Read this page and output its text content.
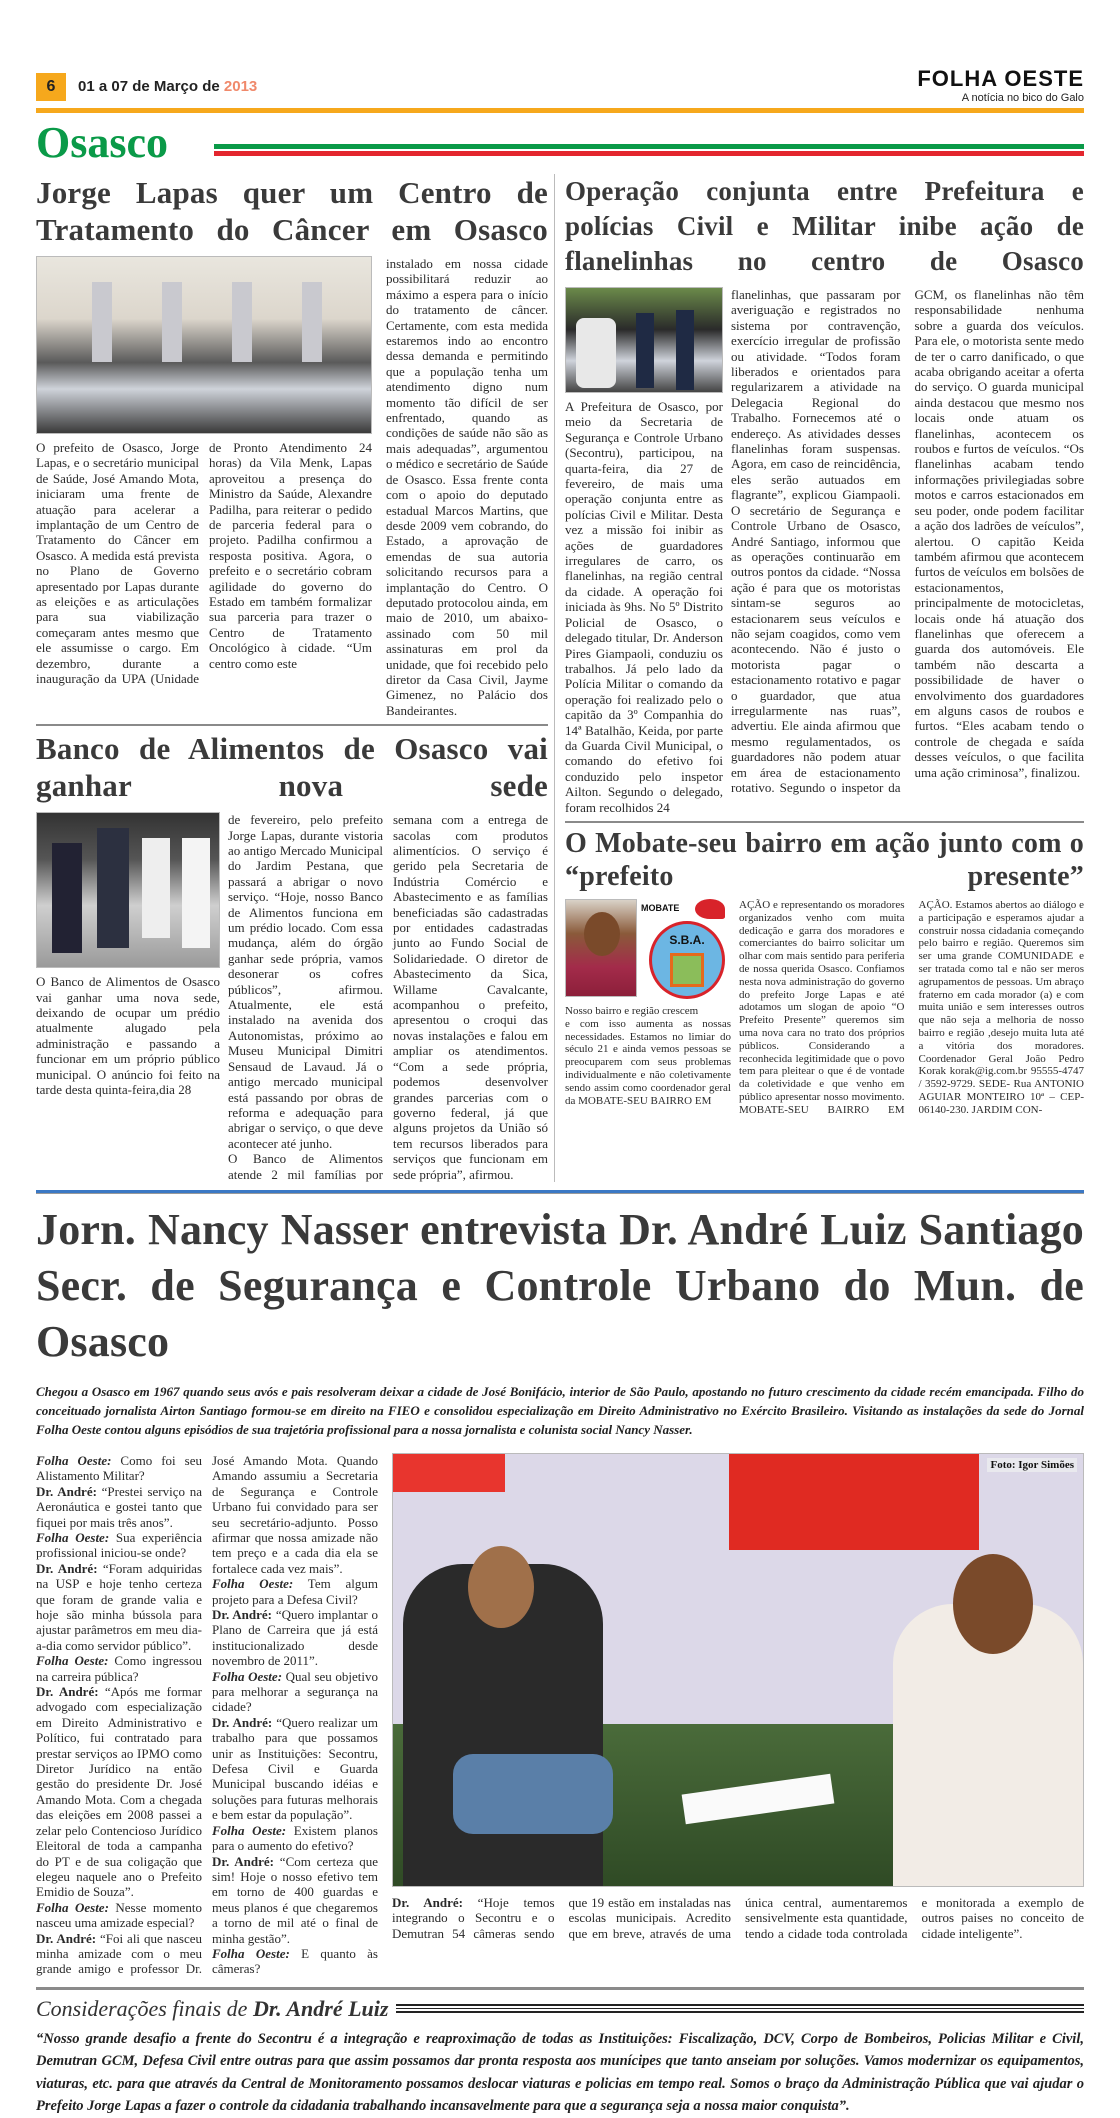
6	01 a 07 de Março de 2013	FOLHA OESTE
A notícia no bico do Galo
Osasco
Jorge Lapas quer um Centro de Tratamento do Câncer em Osasco
O prefeito de Osasco, Jorge Lapas, e o secretário municipal de Saúde, José Amando Mota, iniciaram uma frente de atuação para acelerar a implantação de um Centro de Tratamento do Câncer em Osasco. A medida está prevista no Plano de Governo apresentado por Lapas durante as eleições e as articulações para sua viabilização começaram antes mesmo que ele assumisse o cargo. Em dezembro, durante a inauguração da UPA (Unidade de Pronto Atendimento 24 horas) da Vila Menk, Lapas aproveitou a presença do Ministro da Saúde, Alexandre Padilha, para reiterar o pedido de parceria federal para o projeto. Padilha confirmou a resposta positiva. Agora, o prefeito e o secretário cobram agilidade do governo do Estado em também formalizar sua parceria para trazer o Centro de Tratamento Oncológico à cidade. “Um centro como este
instalado em nossa cidade possibilitará reduzir ao máximo a espera para o início do tratamento de câncer. Certamente, com esta medida estaremos indo ao encontro dessa demanda e permitindo que a população tenha um atendimento digno num momento tão difícil de ser enfrentado, quando as condições de saúde não são as mais adequadas”, argumentou o médico e secretário de Saúde de Osasco. Essa frente conta com o apoio do deputado estadual Marcos Martins, que desde 2009 vem cobrando, do Estado, a aprovação de emendas de sua autoria solicitando recursos para a implantação do Centro. O deputado protocolou ainda, em maio de 2010, um abaixo-assinado com 50 mil assinaturas em prol da unidade, que foi recebido pelo diretor da Casa Civil, Jayme Gimenez, no Palácio dos Bandeirantes.
Banco de Alimentos de Osasco vai ganhar nova sede
O Banco de Alimentos de Osasco vai ganhar uma nova sede, deixando de ocupar um prédio atualmente alugado pela administração e passando a funcionar em um próprio público municipal. O anúncio foi feito na tarde desta quinta-feira,dia 28

de fevereiro, pelo prefeito Jorge Lapas, durante vistoria ao antigo Mercado Municipal do Jardim Pestana, que passará a abrigar o novo serviço. “Hoje, nosso Banco de Alimentos funciona em um prédio locado. Com essa mudança, além do órgão ganhar sede própria, vamos desonerar os cofres públicos”, afirmou. Atualmente, ele está instalado na avenida dos Autonomistas, próximo ao Museu Municipal Dimitri Sensaud de Lavaud. Já o antigo mercado municipal está passando por obras de reforma e adequação para abrigar o serviço, o que deve acontecer até junho.

O Banco de Alimentos atende 2 mil famílias por semana com a entrega de sacolas com produtos alimentícios. O serviço é gerido pela Secretaria de Indústria Comércio e Abastecimento e as famílias beneficiadas são cadastradas por entidades cadastradas junto ao Fundo Social de Solidariedade. O diretor de Abastecimento da Sica, Willame Cavalcante, acompanhou o prefeito, apresentou o croqui das novas instalações e falou em ampliar os atendimentos. “Com a sede própria, podemos desenvolver grandes parcerias com o governo federal, já que alguns projetos da União só tem recursos liberados para serviços que funcionam em sede própria”, afirmou.

Operação conjunta entre Prefeitura e polícias Civil e Militar inibe ação de flanelinhas no centro de Osasco
A Prefeitura de Osasco, por meio da Secretaria de Segurança e Controle Urbano (Secontru), participou, na quarta-feira, dia 27 de fevereiro, de mais uma operação conjunta entre as polícias Civil e Militar. Desta vez a missão foi inibir as ações de guardadores irregulares de carro, os flanelinhas, na região central da cidade. A operação foi iniciada às 9hs. No 5º Distrito Policial de Osasco, o delegado titular, Dr. Anderson Pires Giampaoli, conduziu os trabalhos. Já pelo lado da Polícia Militar o comando da operação foi realizado pelo o capitão da 3º Companhia do 14ª Batalhão, Keida, por parte da Guarda Civil Municipal, o comando do efetivo foi conduzido pelo inspetor Ailton. Segundo o delegado, foram recolhidos 24
flanelinhas, que passaram por averiguação e registrados no sistema por contravenção, exercício irregular de profissão ou atividade. “Todos foram liberados e orientados para regularizarem a atividade na Delegacia Regional do Trabalho. Fornecemos até o endereço. As atividades desses flanelinhas foram suspensas. Agora, em caso de reincidência, eles serão autuados em flagrante”, explicou Giampaoli. O secretário de Segurança e Controle Urbano de Osasco, André Santiago, informou que as operações continuarão em outros pontos da cidade. “Nossa ação é para que os motoristas sintam-se seguros ao estacionarem seus veículos e não sejam coagidos, como vem acontecendo. Não é justo o motorista pagar o estacionamento rotativo e pagar o guardador, que atua irregularmente nas ruas”, advertiu. Ele ainda afirmou que mesmo regulamentados, os guardadores não podem atuar em área de estacionamento rotativo. Segundo o inspetor da GCM, os flanelinhas não têm responsabilidade nenhuma sobre a guarda dos veículos. Para ele, o motorista sente medo de ter o carro danificado, o que acaba obrigando aceitar a oferta do serviço. O guarda municipal ainda destacou que mesmo nos locais onde atuam os flanelinhas, acontecem os roubos e furtos de veículos. “Os flanelinhas acabam tendo informações privilegiadas sobre motos e carros estacionados em seu poder, onde podem facilitar a ação dos ladrões de veículos”, alertou. O capitão Keida também afirmou que acontecem furtos de veículos em bolsões de estacionamentos, principalmente de motocicletas, locais onde há atuação dos flanelinhas que oferecem a guarda dos automóveis. Ele também não descarta a possibilidade de haver o envolvimento dos guardadores em alguns casos de roubos e furtos. “Eles acabam tendo o controle de chegada e saída desses veículos, o que facilita uma ação criminosa”, finalizou.
O Mobate-seu bairro em ação junto com o “prefeito presente”
MOBATE
S.B.A.
Nosso bairro e região crescem
e com isso aumenta as nossas necessidades. Estamos no limiar do século 21 e ainda vemos pessoas se preocuparem com seus problemas individualmente e não coletivamente sendo assim como coordenador geral da MOBATE-SEU BAIRRO EM
AÇÃO e representando os moradores organizados venho com muita dedicação e garra dos moradores e comerciantes do bairro solicitar um olhar com mais sentido para periferia de nossa querida Osasco. Confiamos nesta nova administração do governo do prefeito Jorge Lapas e até adotamos um slogan de apoio “O Prefeito Presente” queremos sim uma nova cara no trato dos próprios públicos. Considerando a reconhecida legitimidade que o povo tem para pleitear o que é de vontade da coletividade e que venho em público apresentar nosso movimento. MOBATE-SEU BAIRRO EM AÇÃO. Estamos abertos ao diálogo e a participação e esperamos ajudar a construir nossa cidadania começando pelo bairro e região. Queremos sim ser uma grande COMUNIDADE e ser tratada como tal e não ser meros agrupamentos de pessoas. Um abraço fraterno em cada morador (a) e com muita união e sem interesses outros que não seja a melhoria de nosso bairro e região ,desejo muita luta até a vitória dos moradores. Coordenador Geral João Pedro Korak korak@ig.com.br 95555-4747 / 3592-9729. SEDE- Rua ANTONIO AGUIAR MONTEIRO 10ª – CEP-06140-230. JARDIM CON-
Jorn. Nancy Nasser entrevista Dr. André Luiz Santiago Secr. de Segurança e Controle Urbano do Mun. de Osasco
Chegou a Osasco em 1967 quando seus avós e pais resolveram deixar a cidade de José Bonifácio, interior de São Paulo, apostando no futuro crescimento da cidade recém emancipada. Filho do conceituado jornalista Airton Santiago formou-se em direito na FIEO e consolidou especialização em Direito Administrativo no Exército Brasileiro. Visitando as instalações da sede do Jornal Folha Oeste contou alguns episódios de sua trajetória profissional para a nossa jornalista e colunista social Nancy Nasser.

Folha Oeste: Como foi seu Alistamento Militar?

Dr. André: “Prestei serviço na Aeronáutica e gostei tanto que fiquei por mais três anos”.

Folha Oeste: Sua experiência profissional iniciou-se onde?

Dr. André: “Foram adquiridas na USP e hoje tenho certeza que foram de grande valia e hoje são minha bússola para ajustar parâmetros em meu dia-a-dia como servidor público”.

Folha Oeste: Como ingressou na carreira pública?

Dr. André: “Após me formar advogado com especialização em Direito Administrativo e Político, fui contratado para prestar serviços ao IPMO como Diretor Jurídico na então gestão do presidente Dr. José Amando Mota. Com a chegada das eleições em 2008 passei a zelar pelo Contencioso Jurídico Eleitoral de toda a campanha do PT e de sua coligação que elegeu naquele ano o Prefeito Emidio de Souza”.

Folha Oeste: Nesse momento nasceu uma amizade especial?

Dr. André: “Foi ali que nasceu minha amizade com o meu grande amigo e professor Dr. José Amando Mota. Quando Amando assumiu a Secretaria de Segurança e Controle Urbano fui convidado para ser seu secretário-adjunto. Posso afirmar que nossa amizade não tem preço e a cada dia ela se fortalece cada vez mais”.

Folha Oeste: Tem algum projeto para a Defesa Civil?

Dr. André: “Quero implantar o Plano de Carreira que já está institucionalizado desde novembro de 2011”.

Folha Oeste: Qual seu objetivo para melhorar a segurança na cidade?

Dr. André: “Quero realizar um trabalho para que possamos unir as Instituições: Secontru, Defesa Civil e Guarda Municipal buscando idéias e soluções para futuras melhorais e bem estar da população”.

Folha Oeste: Existem planos para o aumento do efetivo?

Dr. André: “Com certeza que sim! Hoje o nosso efetivo tem em torno de 400 guardas e meus planos é que chegaremos a torno de mil até o final de minha gestão”.

Folha Oeste: E quanto às câmeras?

Foto: Igor Simões
Dr. André: “Hoje temos integrando o Secontru e o Demutran 54 câmeras sendo que 19 estão em instaladas nas escolas municipais. Acredito que em breve, através de uma única central, aumentaremos sensivelmente esta quantidade, tendo a cidade toda controlada e monitorada a exemplo de outros paises no conceito de cidade inteligente”.
Considerações finais de Dr. André Luiz
“Nosso grande desafio a frente do Secontru é a integração e reaproximação de todas as Instituições: Fiscalização, DCV, Corpo de Bombeiros, Policias Militar e Civil, Demutran GCM, Defesa Civil entre outras para que assim possamos dar pronta resposta aos munícipes que tanto anseiam por soluções. Vamos modernizar os equipamentos, viaturas, etc. para que através da Central de Monitoramento possamos deslocar viaturas e policias em tempo real. Somos o braço da Administração Pública que vai ajudar o Prefeito Jorge Lapas a fazer o controle da cidadania trabalhando incansavelmente para que a segurança seja a nossa maior conquista”.
